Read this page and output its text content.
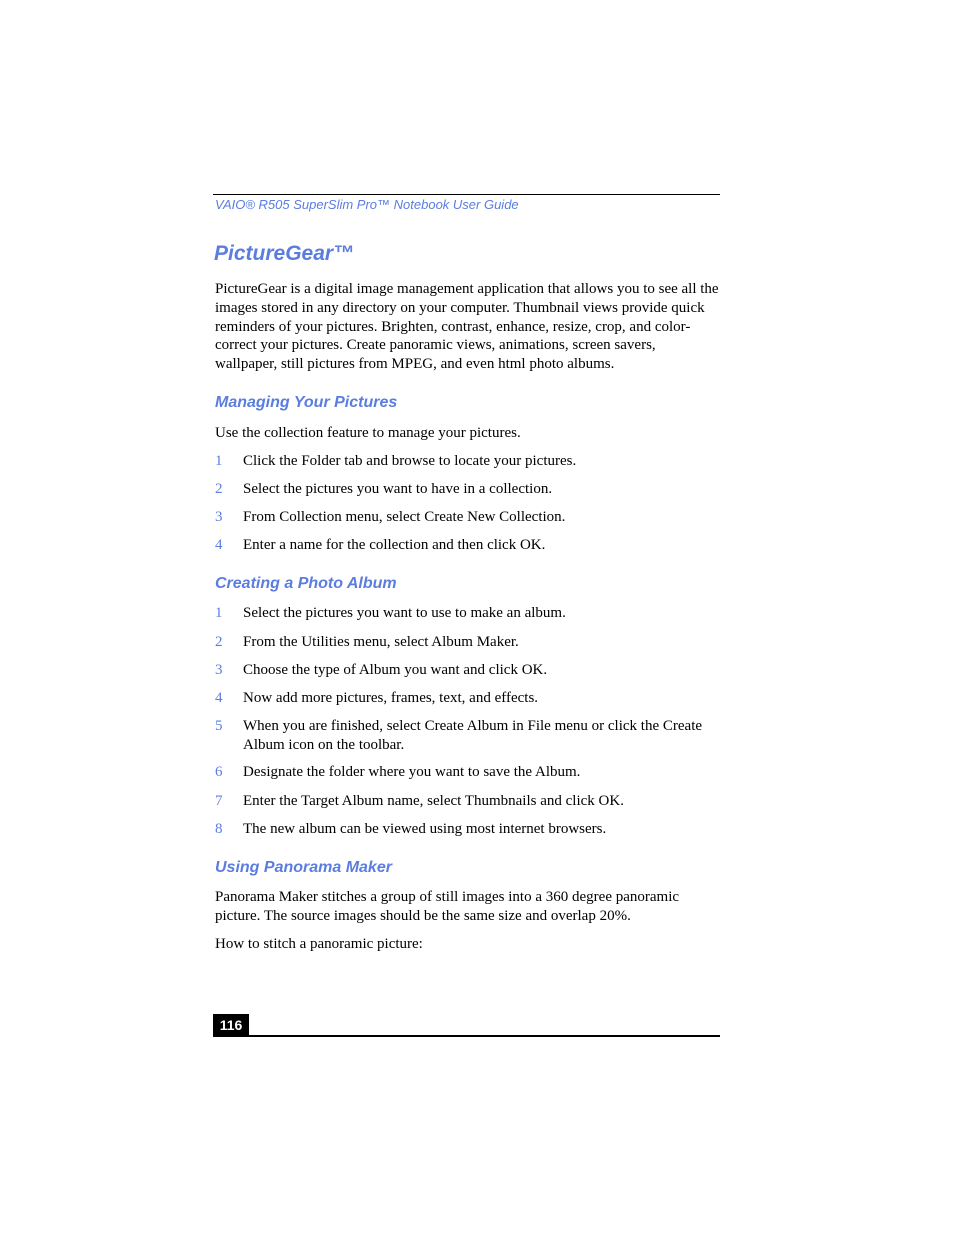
VAIO® R505 SuperSlim Pro™ Notebook User Guide
PictureGear™

PictureGear is a digital image management application that allows you to see all the images stored in any directory on your computer. Thumbnail views provide quick reminders of your pictures. Brighten, contrast, enhance, resize, crop, and color-correct your pictures. Create panoramic views, animations, screen savers, wallpaper, still pictures from MPEG, and even html photo albums.

Managing Your Pictures

Use the collection feature to manage your pictures.

1 Click the Folder tab and browse to locate your pictures.
2 Select the pictures you want to have in a collection.
3 From Collection menu, select Create New Collection.
4 Enter a name for the collection and then click OK.
Creating a Photo Album
1 Select the pictures you want to use to make an album.
2 From the Utilities menu, select Album Maker.
3 Choose the type of Album you want and click OK.
4 Now add more pictures, frames, text, and effects.
5 When you are finished, select Create Album in File menu or click the Create Album icon on the toolbar.
6 Designate the folder where you want to save the Album.
7 Enter the Target Album name, select Thumbnails and click OK.
8 The new album can be viewed using most internet browsers.
Using Panorama Maker

Panorama Maker stitches a group of still images into a 360 degree panoramic picture. The source images should be the same size and overlap 20%.

How to stitch a panoramic picture:

116
